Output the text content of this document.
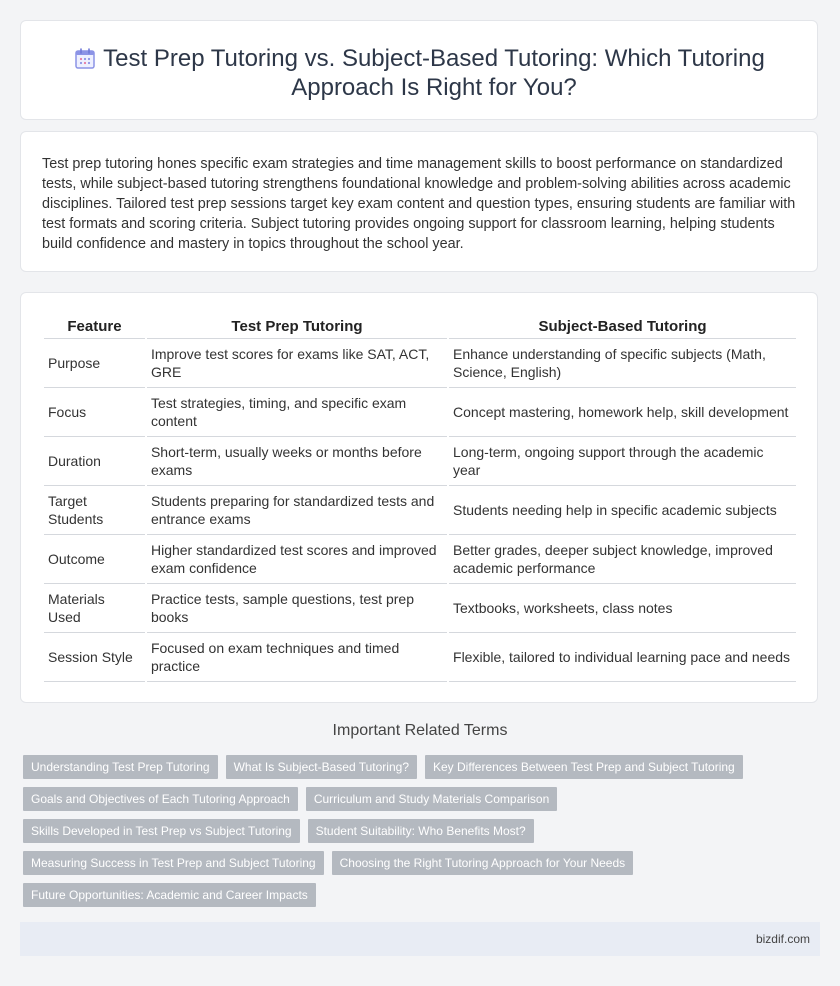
Test Prep Tutoring vs. Subject-Based Tutoring: Which Tutoring Approach Is Right for You?

Test prep tutoring hones specific exam strategies and time management skills to boost performance on standardized tests, while subject-based tutoring strengthens foundational knowledge and problem-solving abilities across academic disciplines. Tailored test prep sessions target key exam content and question types, ensuring students are familiar with test formats and scoring criteria. Subject tutoring provides ongoing support for classroom learning, helping students build confidence and mastery in topics throughout the school year.

Feature	Test Prep Tutoring	Subject-Based Tutoring
Purpose	Improve test scores for exams like SAT, ACT, GRE	Enhance understanding of specific subjects (Math, Science, English)
Focus	Test strategies, timing, and specific exam content	Concept mastering, homework help, skill development
Duration	Short-term, usually weeks or months before exams	Long-term, ongoing support through the academic year
Target Students	Students preparing for standardized tests and entrance exams	Students needing help in specific academic subjects
Outcome	Higher standardized test scores and improved exam confidence	Better grades, deeper subject knowledge, improved academic performance
Materials Used	Practice tests, sample questions, test prep books	Textbooks, worksheets, class notes
Session Style	Focused on exam techniques and timed practice	Flexible, tailored to individual learning pace and needs
Important Related Terms
Understanding Test Prep Tutoring	What Is Subject-Based Tutoring?	Key Differences Between Test Prep and Subject Tutoring
Goals and Objectives of Each Tutoring Approach	Curriculum and Study Materials Comparison
Skills Developed in Test Prep vs Subject Tutoring	Student Suitability: Who Benefits Most?
Measuring Success in Test Prep and Subject Tutoring	Choosing the Right Tutoring Approach for Your Needs
Future Opportunities: Academic and Career Impacts
bizdif.com
